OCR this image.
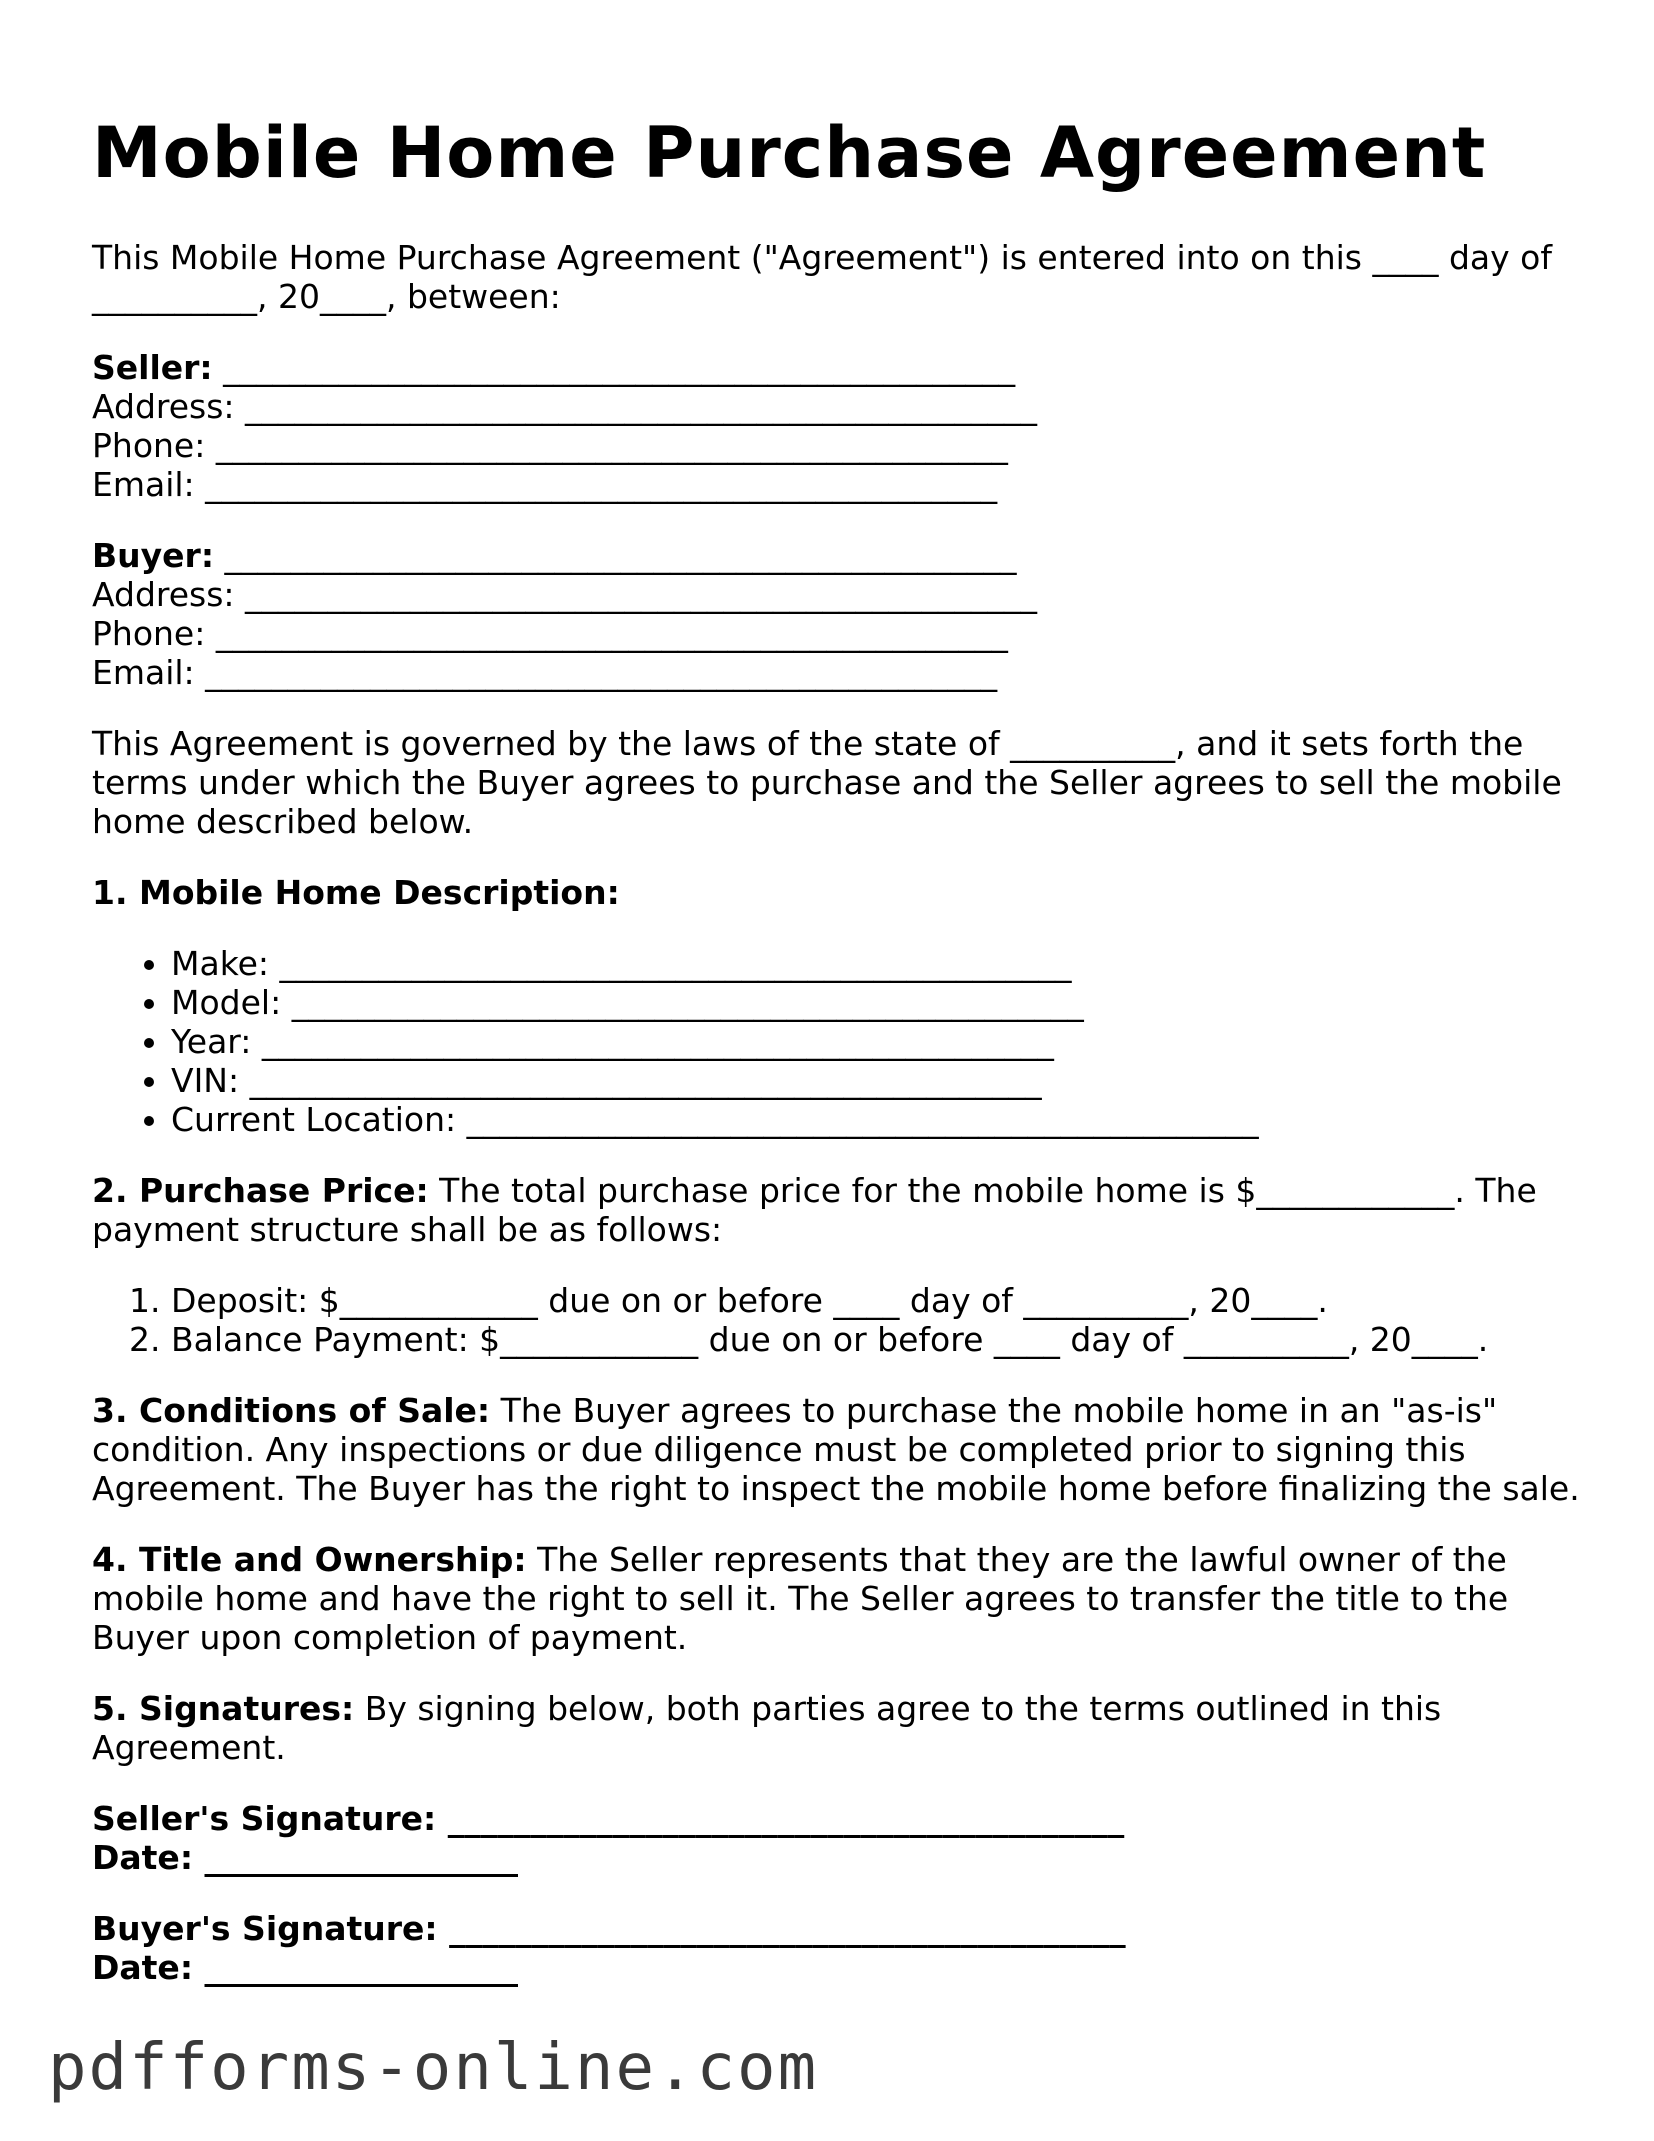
Mobile Home Purchase Agreement

This Mobile Home Purchase Agreement ("Agreement") is entered into on this ____ day of __________, 20____, between:

Seller: ________________________________________________
Address: ________________________________________________
Phone: ________________________________________________
Email: ________________________________________________
Buyer: ________________________________________________
Address: ________________________________________________
Phone: ________________________________________________
Email: ________________________________________________

This Agreement is governed by the laws of the state of __________, and it sets forth the terms under which the Buyer agrees to purchase and the Seller agrees to sell the mobile home described below.

1. Mobile Home Description:
• Make: ________________________________________________
• Model: ________________________________________________
• Year: ________________________________________________
• VIN: ________________________________________________
• Current Location: ________________________________________________

2. Purchase Price: The total purchase price for the mobile home is $____________. The payment structure shall be as follows:

1. Deposit: $____________ due on or before ____ day of __________, 20____.
2. Balance Payment: $____________ due on or before ____ day of __________, 20____.

3. Conditions of Sale: The Buyer agrees to purchase the mobile home in an "as-is" condition. Any inspections or due diligence must be completed prior to signing this Agreement. The Buyer has the right to inspect the mobile home before finalizing the sale.

4. Title and Ownership: The Seller represents that they are the lawful owner of the mobile home and have the right to sell it. The Seller agrees to transfer the title to the Buyer upon completion of payment.

5. Signatures: By signing below, both parties agree to the terms outlined in this Agreement.

Seller's Signature: _________________________________________
Date: ___________________
Buyer's Signature: _________________________________________
Date: ___________________
pdfforms-online.com
